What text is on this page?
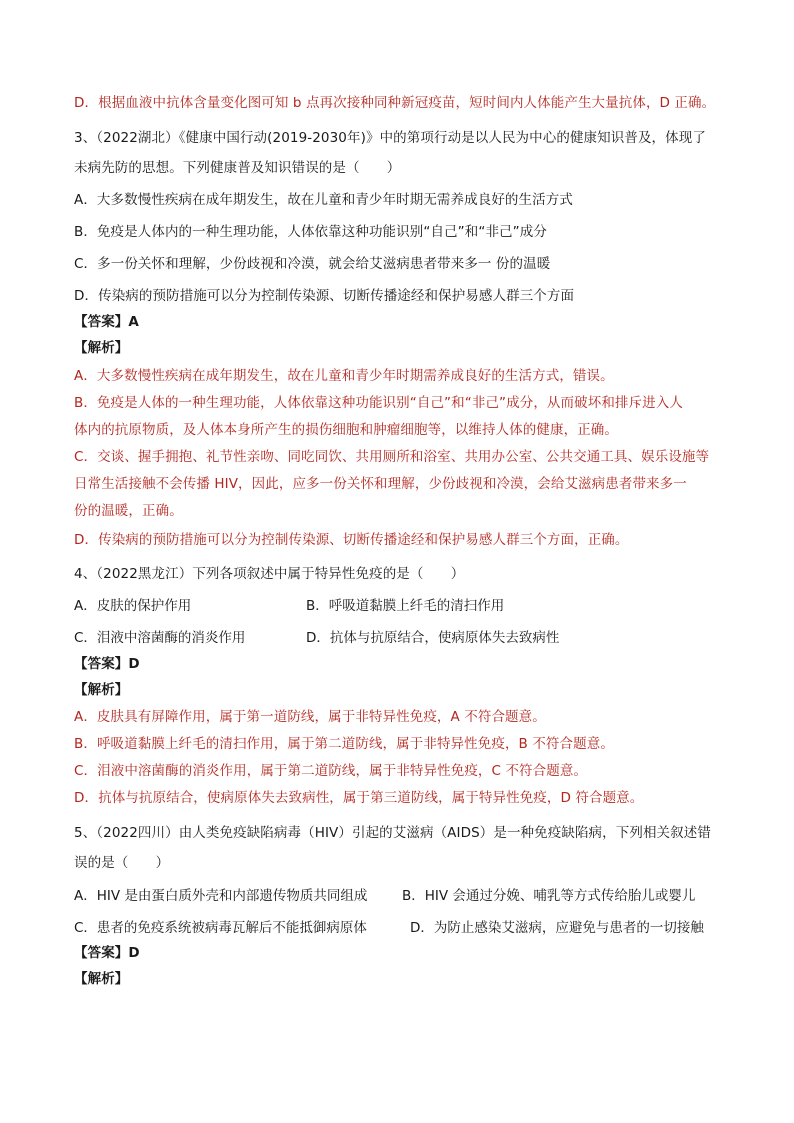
D．根据血液中抗体含量变化图可知 b 点再次接种同种新冠疫苗，短时间内人体能产生大量抗体，D 正确。
3、（2022湖北）《健康中国行动(2019-2030年)》中的第项行动是以人民为中心的健康知识普及，体现了
未病先防的思想。下列健康普及知识错误的是（　　）
A．大多数慢性疾病在成年期发生，故在儿童和青少年时期无需养成良好的生活方式
B．免疫是人体内的一种生理功能，人体依靠这种功能识别“自己”和“非己”成分
C．多一份关怀和理解，少份歧视和冷漠，就会给艾滋病患者带来多一 份的温暖
D．传染病的预防措施可以分为控制传染源、切断传播途经和保护易感人群三个方面
【答案】A
【解析】
A．大多数慢性疾病在成年期发生，故在儿童和青少年时期需养成良好的生活方式，错误。
B．免疫是人体的一种生理功能，人体依靠这种功能识别“自己”和“非己”成分，从而破坏和排斥进入人
体内的抗原物质，及人体本身所产生的损伤细胞和肿瘤细胞等，以维持人体的健康，正确。
C．交谈、握手拥抱、礼节性亲吻、同吃同饮、共用厕所和浴室、共用办公室、公共交通工具、娱乐设施等
日常生活接触不会传播 HIV，因此，应多一份关怀和理解，少份歧视和冷漠，会给艾滋病患者带来多一
份的温暖，正确。
D．传染病的预防措施可以分为控制传染源、切断传播途经和保护易感人群三个方面，正确。
4、（2022黑龙江）下列各项叙述中属于特异性免疫的是（　　）
A．皮肤的保护作用	B．呼吸道黏膜上纤毛的清扫作用
C．泪液中溶菌酶的消炎作用	D．抗体与抗原结合，使病原体失去致病性
【答案】D
【解析】
A．皮肤具有屏障作用，属于第一道防线，属于非特异性免疫，A 不符合题意。
B．呼吸道黏膜上纤毛的清扫作用，属于第二道防线，属于非特异性免疫，B 不符合题意。
C．泪液中溶菌酶的消炎作用，属于第二道防线，属于非特异性免疫，C 不符合题意。
D．抗体与抗原结合，使病原体失去致病性，属于第三道防线，属于特异性免疫，D 符合题意。
5、（2022四川）由人类免疫缺陷病毒（HIV）引起的艾滋病（AIDS）是一种免疫缺陷病，下列相关叙述错
误的是（　　）
A．HIV 是由蛋白质外壳和内部遗传物质共同组成	B．HIV 会通过分娩、哺乳等方式传给胎儿或婴儿
C．患者的免疫系统被病毒瓦解后不能抵御病原体	D．为防止感染艾滋病，应避免与患者的一切接触
【答案】D
【解析】
